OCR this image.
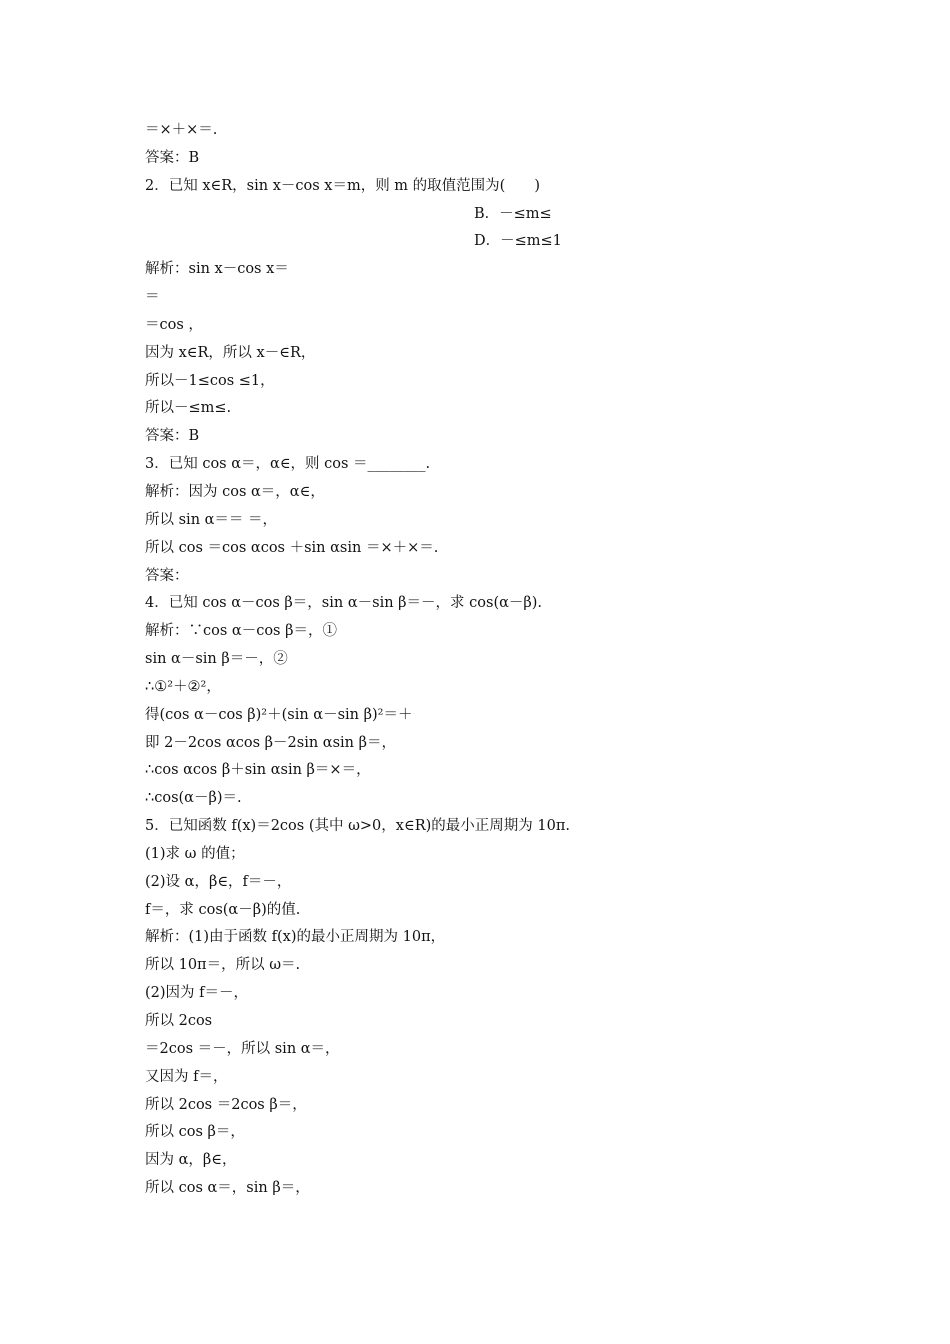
＝×＋×＝.
答案：B
2．已知 x∈R，sin x－cos x＝m，则 m 的取值范围为(　　)

B．－≤m≤

D．－≤m≤1

解析：sin x－cos x＝
＝
＝cos ，
因为 x∈R，所以 x－∈R，
所以－1≤cos ≤1，
所以－≤m≤.
答案：B
3．已知 cos α＝，α∈，则 cos ＝________.
解析：因为 cos α＝，α∈，
所以 sin α＝＝ ＝，
所以 cos ＝cos αcos ＋sin αsin ＝×＋×＝.
答案：
4．已知 cos α－cos β＝，sin α－sin β＝－，求 cos(α－β).
解析：∵cos α－cos β＝，①
sin α－sin β＝－，②
∴①²＋②²，
得(cos α－cos β)²＋(sin α－sin β)²＝＋
即 2－2cos αcos β－2sin αsin β＝，
∴cos αcos β＋sin αsin β＝×＝，
∴cos(α－β)＝.
5．已知函数 f(x)＝2cos (其中 ω>0，x∈R)的最小正周期为 10π.
(1)求 ω 的值；
(2)设 α，β∈，f＝－，
f＝，求 cos(α－β)的值.
解析：(1)由于函数 f(x)的最小正周期为 10π，
所以 10π＝，所以 ω＝.
(2)因为 f＝－，
所以 2cos
＝2cos ＝－，所以 sin α＝，
又因为 f＝，
所以 2cos ＝2cos β＝，
所以 cos β＝，
因为 α，β∈，
所以 cos α＝，sin β＝，
